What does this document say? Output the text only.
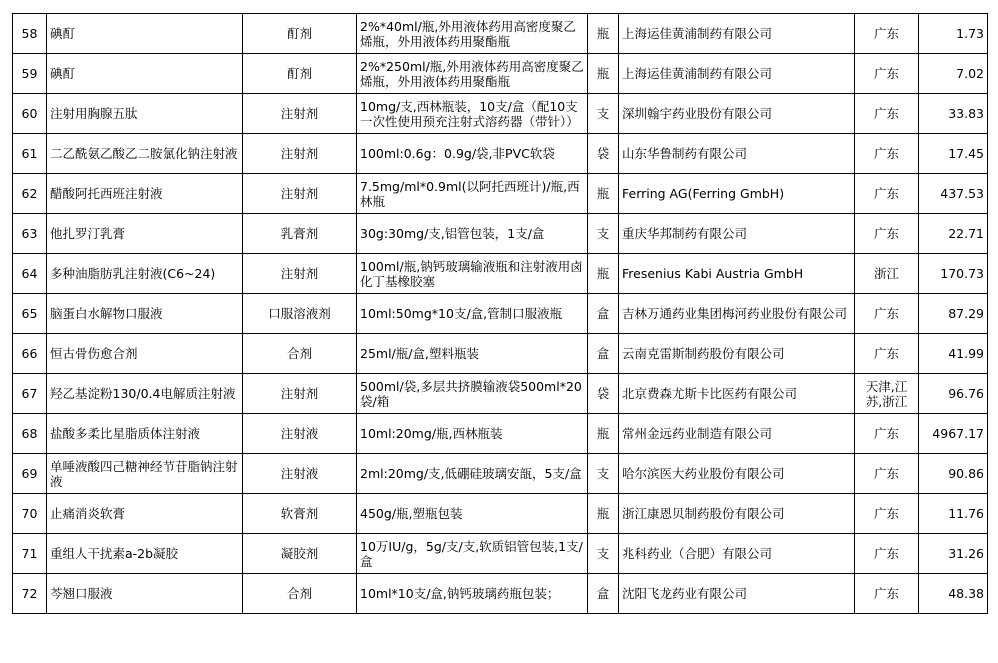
58	碘酊	酊剂	2%*40ml/瓶,外用液体药用高密度聚乙烯瓶，外用液体药用聚酯瓶	瓶	上海运佳黄浦制药有限公司	广东	1.73
59	碘酊	酊剂	2%*250ml/瓶,外用液体药用高密度聚乙烯瓶，外用液体药用聚酯瓶	瓶	上海运佳黄浦制药有限公司	广东	7.02
60	注射用胸腺五肽	注射剂	10mg/支,西林瓶装，10支/盒（配10支一次性使用预充注射式溶药器（带针））	支	深圳翰宇药业股份有限公司	广东	33.83
61	二乙酰氨乙酸乙二胺氯化钠注射液	注射剂	100ml:0.6g：0.9g/袋,非PVC软袋	袋	山东华鲁制药有限公司	广东	17.45
62	醋酸阿托西班注射液	注射剂	7.5mg/ml*0.9ml(以阿托西班计)/瓶,西林瓶	瓶	Ferring AG(Ferring GmbH)	广东	437.53
63	他扎罗汀乳膏	乳膏剂	30g:30mg/支,铝管包装，1支/盒	支	重庆华邦制药有限公司	广东	22.71
64	多种油脂肪乳注射液(C6~24)	注射剂	100ml/瓶,钠钙玻璃输液瓶和注射液用卤化丁基橡胶塞	瓶	Fresenius Kabi Austria GmbH	浙江	170.73
65	脑蛋白水解物口服液	口服溶液剂	10ml:50mg*10支/盒,管制口服液瓶	盒	吉林万通药业集团梅河药业股份有限公司	广东	87.29
66	恒古骨伤愈合剂	合剂	25ml/瓶/盒,塑料瓶装	盒	云南克雷斯制药股份有限公司	广东	41.99
67	羟乙基淀粉130/0.4电解质注射液	注射剂	500ml/袋,多层共挤膜输液袋500ml*20袋/箱	袋	北京费森尤斯卡比医药有限公司	天津,江苏,浙江	96.76
68	盐酸多柔比星脂质体注射液	注射液	10ml:20mg/瓶,西林瓶装	瓶	常州金远药业制造有限公司	广东	4967.17
69	单唾液酸四己糖神经节苷脂钠注射液	注射液	2ml:20mg/支,低硼硅玻璃安瓿，5支/盒	支	哈尔滨医大药业股份有限公司	广东	90.86
70	止痛消炎软膏	软膏剂	450g/瓶,塑瓶包装	瓶	浙江康恩贝制药股份有限公司	广东	11.76
71	重组人干扰素a-2b凝胶	凝胶剂	10万IU/g，5g/支/支,软质铝管包装,1支/盒	支	兆科药业（合肥）有限公司	广东	31.26
72	芩翘口服液	合剂	10ml*10支/盒,钠钙玻璃药瓶包装；	盒	沈阳飞龙药业有限公司	广东	48.38
